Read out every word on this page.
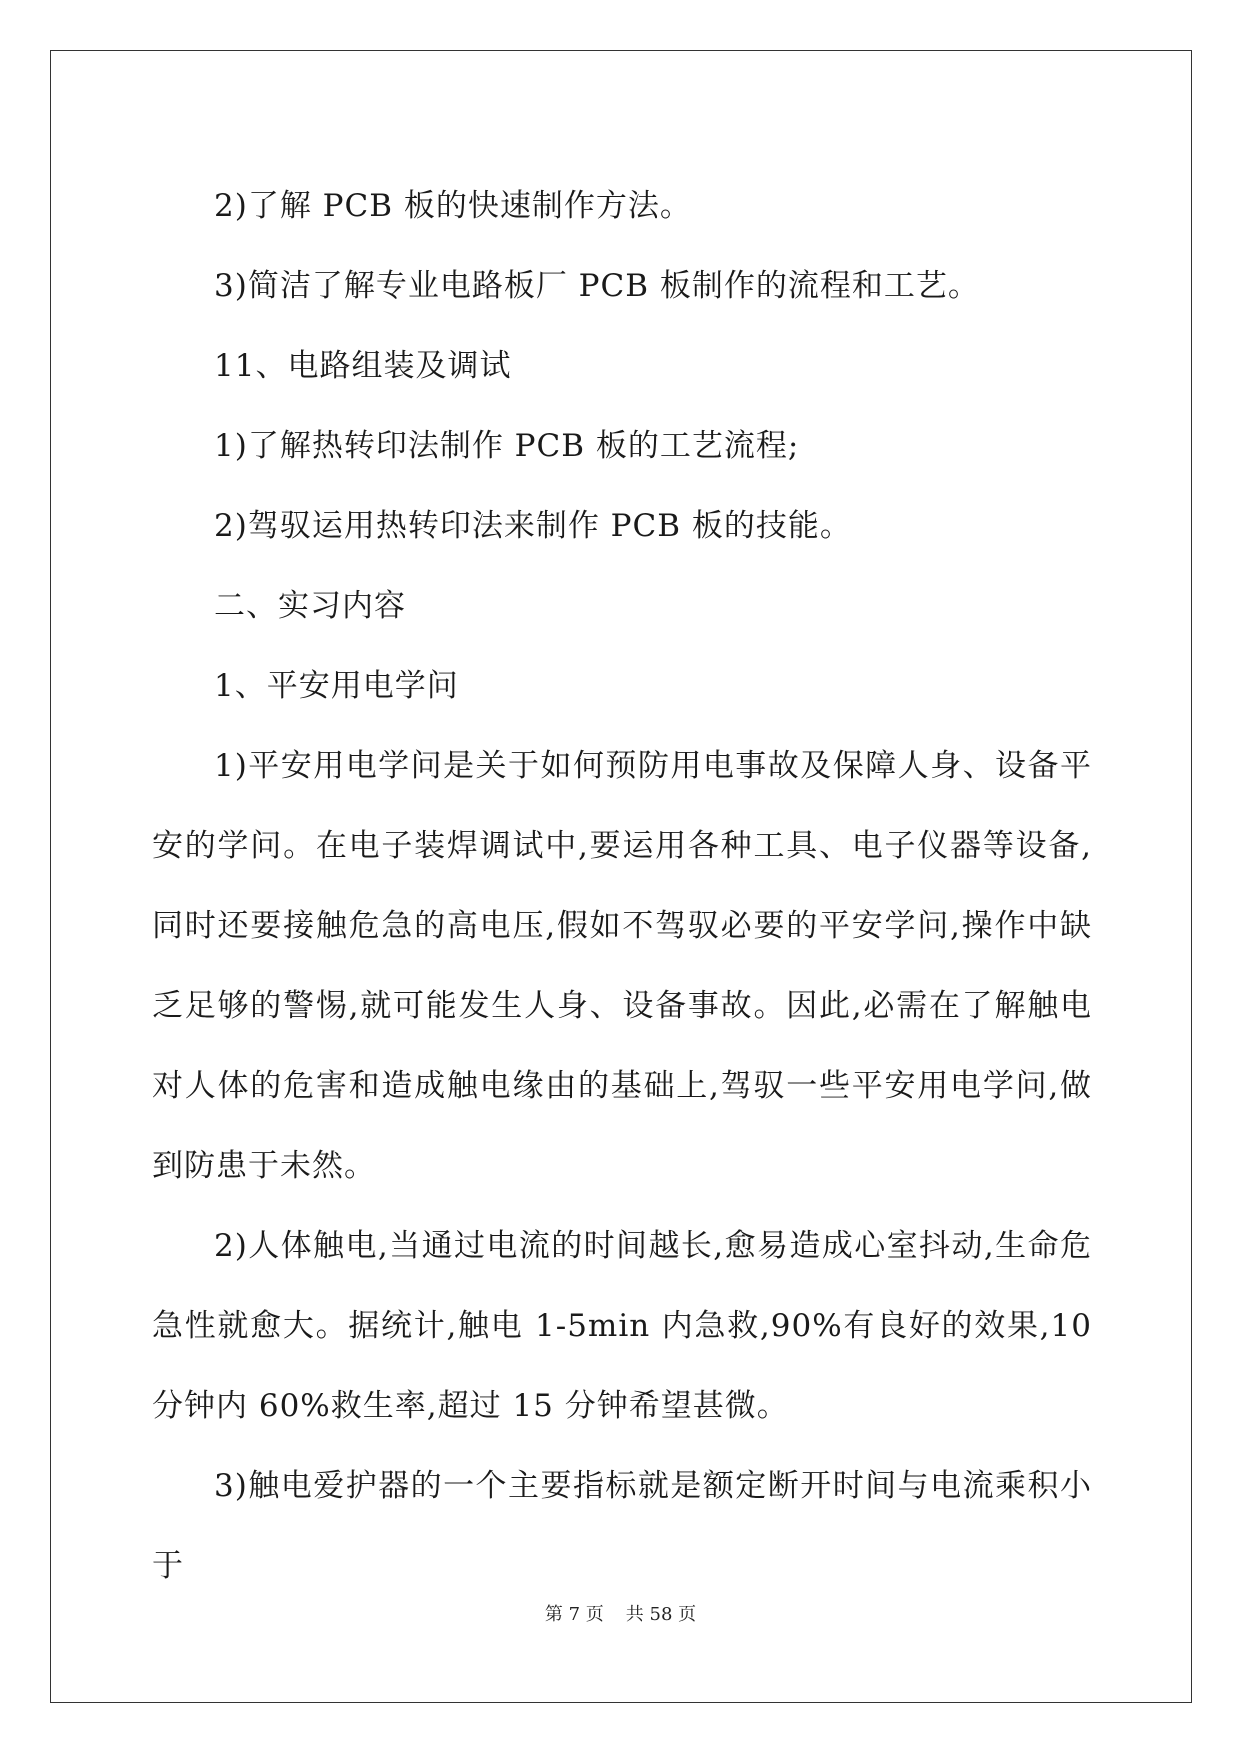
2)了解 PCB 板的快速制作方法。

3)简洁了解专业电路板厂 PCB 板制作的流程和工艺。

11、电路组装及调试

1)了解热转印法制作 PCB 板的工艺流程;

2)驾驭运用热转印法来制作 PCB 板的技能。

二、实习内容

1、平安用电学问

1)平安用电学问是关于如何预防用电事故及保障人身、设备平安的学问。在电子装焊调试中,要运用各种工具、电子仪器等设备,同时还要接触危急的高电压,假如不驾驭必要的平安学问,操作中缺乏足够的警惕,就可能发生人身、设备事故。因此,必需在了解触电对人体的危害和造成触电缘由的基础上,驾驭一些平安用电学问,做到防患于未然。

2)人体触电,当通过电流的时间越长,愈易造成心室抖动,生命危急性就愈大。据统计,触电 1-5min 内急救,90%有良好的效果,10 分钟内 60%救生率,超过 15 分钟希望甚微。

3)触电爱护器的一个主要指标就是额定断开时间与电流乘积小于

第 7 页 共 58 页
